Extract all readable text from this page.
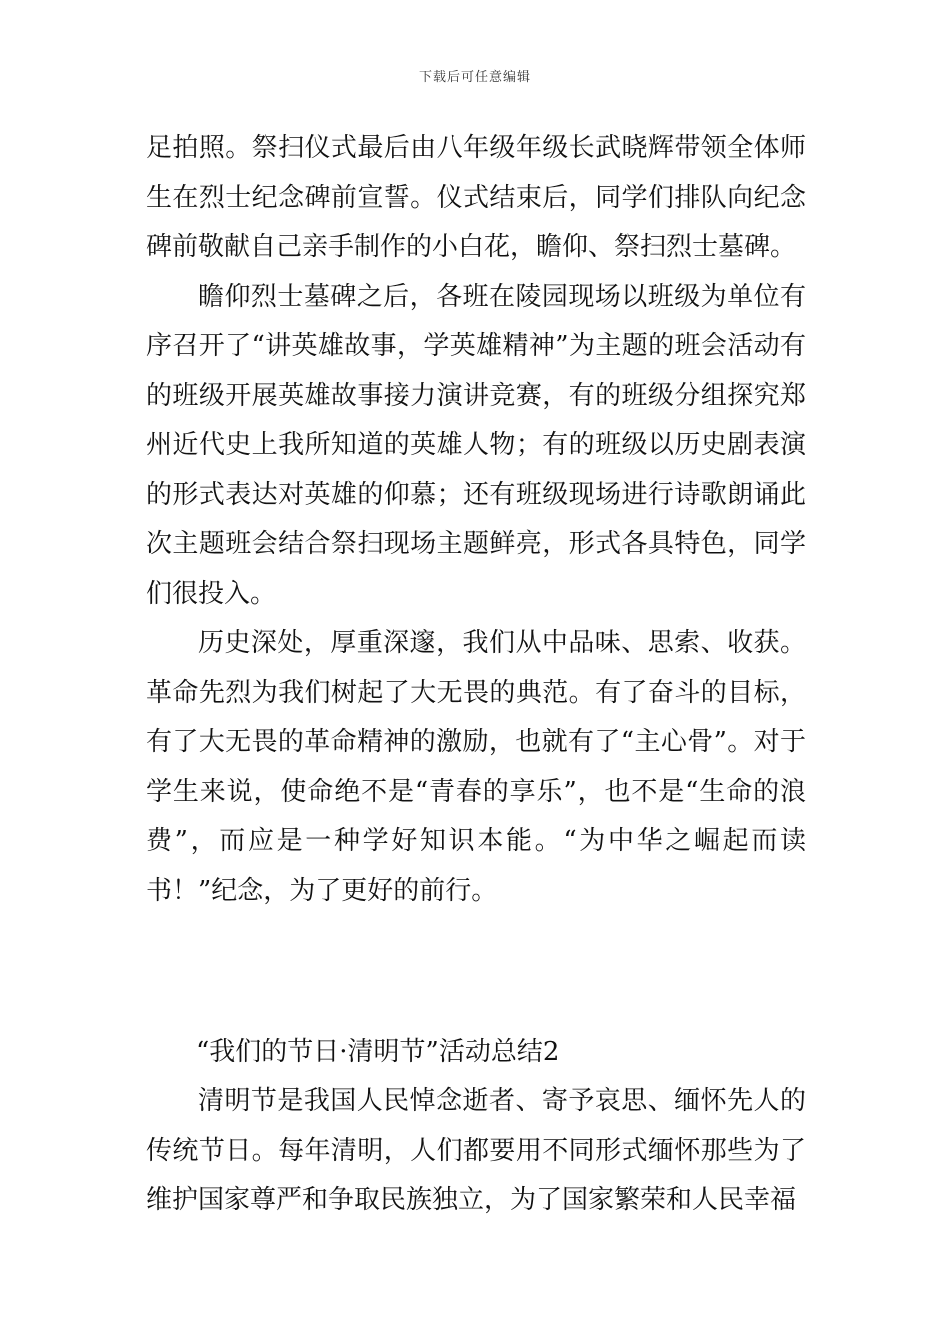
下载后可任意编辑

足拍照。祭扫仪式最后由八年级年级长武晓辉带领全体师生在烈士纪念碑前宣誓。仪式结束后，同学们排队向纪念碑前敬献自己亲手制作的小白花，瞻仰、祭扫烈士墓碑。

瞻仰烈士墓碑之后，各班在陵园现场以班级为单位有序召开了“讲英雄故事，学英雄精神”为主题的班会活动有的班级开展英雄故事接力演讲竞赛，有的班级分组探究郑州近代史上我所知道的英雄人物；有的班级以历史剧表演的形式表达对英雄的仰慕；还有班级现场进行诗歌朗诵此次主题班会结合祭扫现场主题鲜亮，形式各具特色，同学们很投入。

历史深处，厚重深邃，我们从中品味、思索、收获。革命先烈为我们树起了大无畏的典范。有了奋斗的目标，有了大无畏的革命精神的激励，也就有了“主心骨”。对于学生来说，使命绝不是“青春的享乐”，也不是“生命的浪费”，而应是一种学好知识本能。“为中华之崛起而读书！”纪念，为了更好的前行。

“我们的节日·清明节”活动总结2

清明节是我国人民悼念逝者、寄予哀思、缅怀先人的传统节日。每年清明，人们都要用不同形式缅怀那些为了维护国家尊严和争取民族独立，为了国家繁荣和人民幸福
